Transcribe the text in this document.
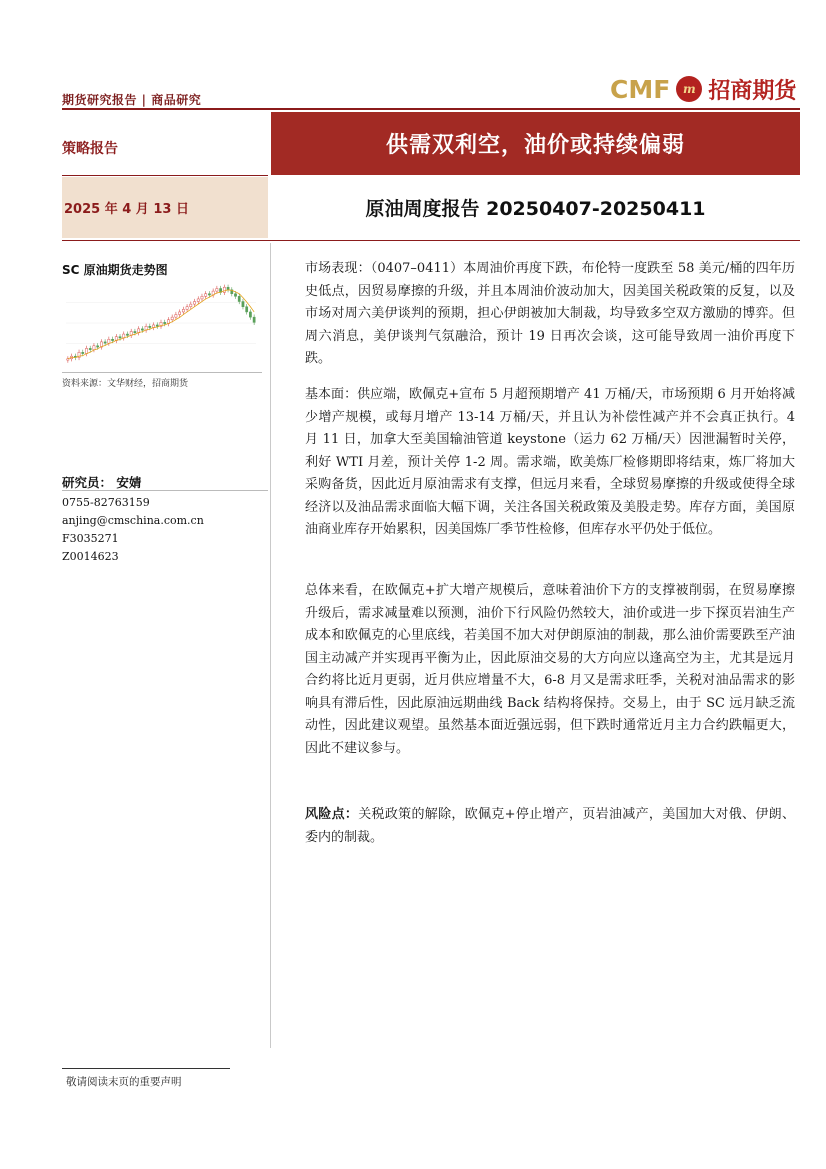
期货研究报告 | 商品研究	CMF m 招商期货
策略报告	供需双利空，油价或持续偏弱
2025 年 4 月 13 日	原油周度报告 20250407-20250411
SC 原油期货走势图
资料来源：文华财经，招商期货
研究员： 安婧
0755-82763159
anjing@cmschina.com.cn
F3035271
Z0014623
市场表现：（0407–0411）本周油价再度下跌，布伦特一度跌至 58 美元/桶的四年历史低点，因贸易摩擦的升级，并且本周油价波动加大，因美国关税政策的反复，以及市场对周六美伊谈判的预期，担心伊朗被加大制裁，均导致多空双方激励的博弈。但周六消息，美伊谈判气氛融洽，预计 19 日再次会谈，这可能导致周一油价再度下跌。
基本面：供应端，欧佩克+宣布 5 月超预期增产 41 万桶/天，市场预期 6 月开始将减少增产规模，或每月增产 13-14 万桶/天，并且认为补偿性减产并不会真正执行。4 月 11 日，加拿大至美国输油管道 keystone（运力 62 万桶/天）因泄漏暂时关停，利好 WTI 月差，预计关停 1-2 周。需求端，欧美炼厂检修期即将结束，炼厂将加大采购备货，因此近月原油需求有支撑，但远月来看，全球贸易摩擦的升级或使得全球经济以及油品需求面临大幅下调，关注各国关税政策及美股走势。库存方面，美国原油商业库存开始累积，因美国炼厂季节性检修，但库存水平仍处于低位。
总体来看，在欧佩克+扩大增产规模后，意味着油价下方的支撑被削弱，在贸易摩擦升级后，需求减量难以预测，油价下行风险仍然较大，油价或进一步下探页岩油生产成本和欧佩克的心里底线，若美国不加大对伊朗原油的制裁，那么油价需要跌至产油国主动减产并实现再平衡为止，因此原油交易的大方向应以逢高空为主，尤其是远月合约将比近月更弱，近月供应增量不大，6-8 月又是需求旺季，关税对油品需求的影响具有滞后性，因此原油远期曲线 Back 结构将保持。交易上，由于 SC 远月缺乏流动性，因此建议观望。虽然基本面近强远弱，但下跌时通常近月主力合约跌幅更大，因此不建议参与。
风险点：关税政策的解除，欧佩克+停止增产，页岩油减产，美国加大对俄、伊朗、委内的制裁。
敬请阅读末页的重要声明
